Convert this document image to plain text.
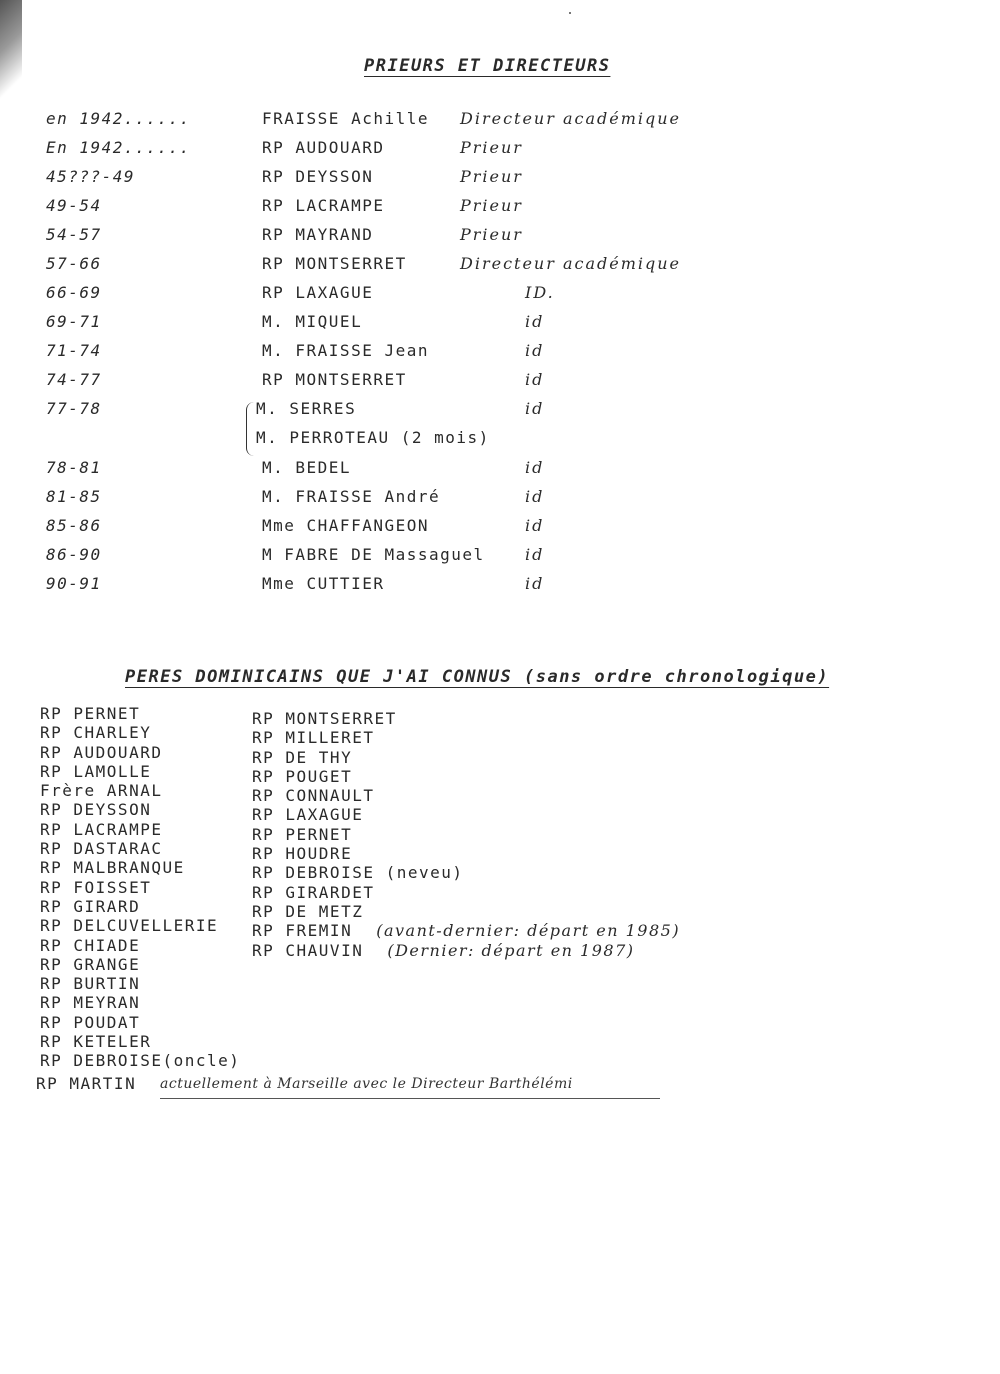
PRIEURS ET DIRECTEURS
en 1942......	FRAISSE Achille Directeur académique
En 1942......	RP AUDOUARD	Prieur
45???-49	RP DEYSSON	Prieur
49-54	RP LACRAMPE	Prieur
54-57	RP MAYRAND	Prieur
57-66	RP MONTSERRET	Directeur académique
66-69	RP LAXAGUE	ID.
69-71	M. MIQUEL	id
71-74	M. FRAISSE Jean	id
74-77	RP MONTSERRET	id
77-78	M. SERRES	id
M. PERROTEAU (2 mois)
78-81	M. BEDEL	id
81-85	M. FRAISSE André	id
85-86	Mme CHAFFANGEON	id
86-90	M FABRE DE Massaguel	id
90-91	Mme CUTTIER	id
PERES DOMINICAINS QUE J'AI CONNUS (sans ordre chronologique)
RP PERNET
RP CHARLEY
RP AUDOUARD
RP LAMOLLE
Frère ARNAL
RP DEYSSON
RP LACRAMPE
RP DASTARAC
RP MALBRANQUE
RP FOISSET
RP GIRARD
RP DELCUVELLERIE
RP CHIADE
RP GRANGE
RP BURTIN
RP MEYRAN
RP POUDAT
RP KETELER
RP DEBROISE(oncle)
RP MONTSERRET
RP MILLERET
RP DE THY
RP POUGET
RP CONNAULT
RP LAXAGUE
RP PERNET
RP HOUDRE
RP DEBROISE (neveu)
RP GIRARDET
RP DE METZ
RP FREMIN (avant-dernier: départ en 1985)
RP CHAUVIN (Dernier: départ en 1987)
RP MARTIN actuellement à Marseille avec le Directeur Barthélémi
